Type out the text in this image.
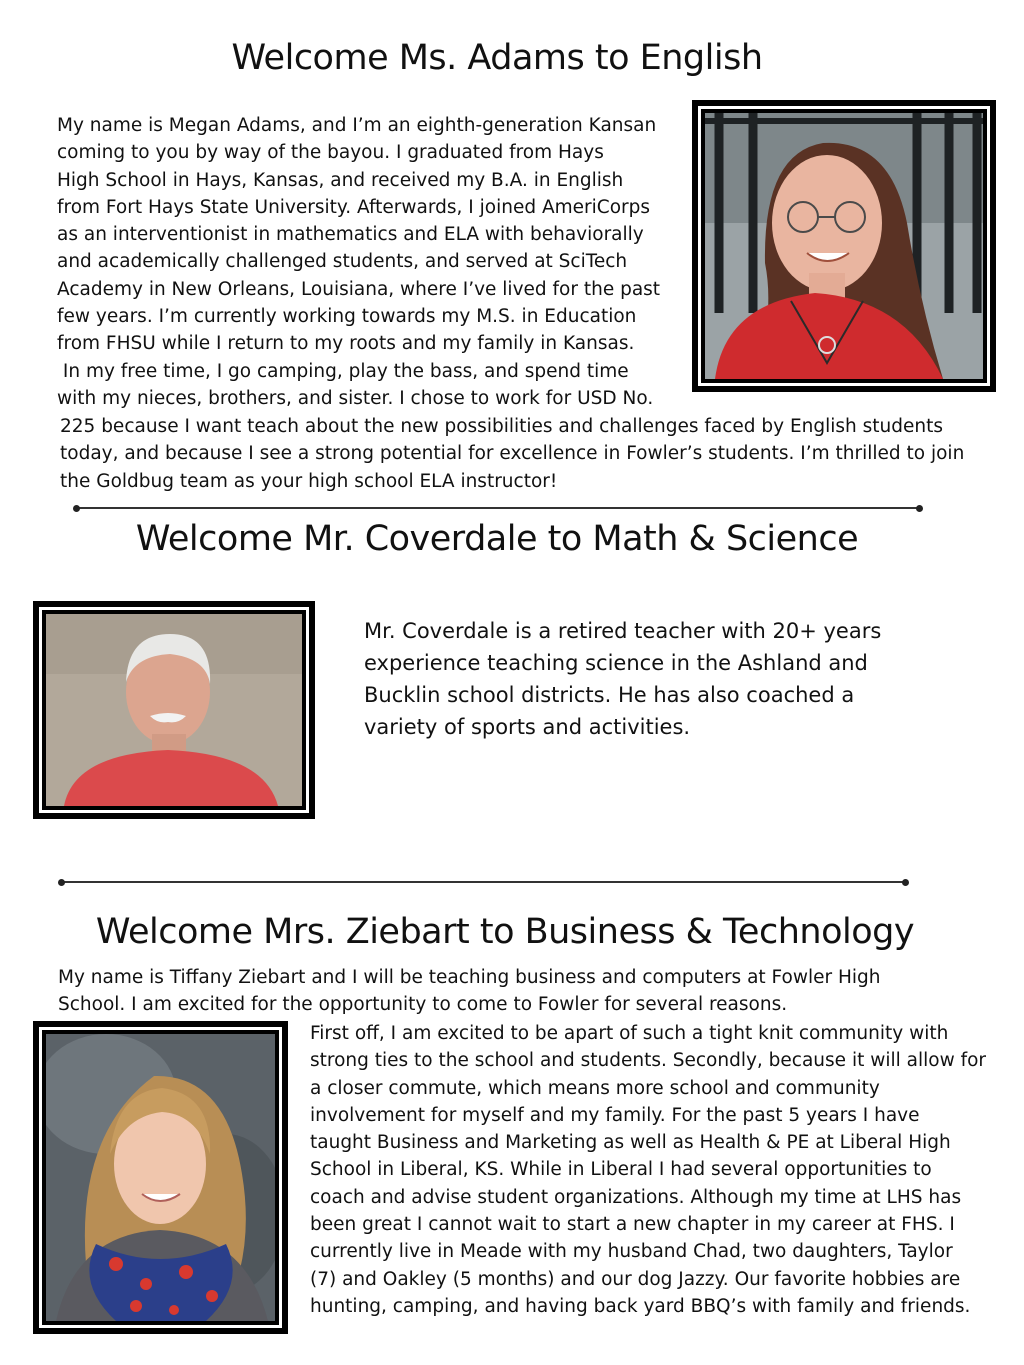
Welcome Ms. Adams to English
My name is Megan Adams, and I’m an eighth-generation Kansan
coming to you by way of the bayou. I graduated from Hays
High School in Hays, Kansas, and received my B.A. in English
from Fort Hays State University. Afterwards, I joined AmeriCorps
as an interventionist in mathematics and ELA with behaviorally
and academically challenged students, and served at SciTech
Academy in New Orleans, Louisiana, where I’ve lived for the past
few years. I’m currently working towards my M.S. in Education
from FHSU while I return to my roots and my family in Kansas.
In my free time, I go camping, play the bass, and spend time
with my nieces, brothers, and sister. I chose to work for USD No.
225 because I want teach about the new possibilities and challenges faced by English students
today, and because I see a strong potential for excellence in Fowler’s students. I’m thrilled to join
the Goldbug team as your high school ELA instructor!
Welcome Mr. Coverdale to Math & Science
Mr. Coverdale is a retired teacher with 20+ years
experience teaching science in the Ashland and
Bucklin school districts. He has also coached a
variety of sports and activities.
Welcome Mrs. Ziebart to Business & Technology
My name is Tiffany Ziebart and I will be teaching business and computers at Fowler High
School. I am excited for the opportunity to come to Fowler for several reasons.
First off, I am excited to be apart of such a tight knit community with
strong ties to the school and students. Secondly, because it will allow for
a closer commute, which means more school and community
involvement for myself and my family. For the past 5 years I have
taught Business and Marketing as well as Health & PE at Liberal High
School in Liberal, KS. While in Liberal I had several opportunities to
coach and advise student organizations. Although my time at LHS has
been great I cannot wait to start a new chapter in my career at FHS. I
currently live in Meade with my husband Chad, two daughters, Taylor
(7) and Oakley (5 months) and our dog Jazzy. Our favorite hobbies are
hunting, camping, and having back yard BBQ’s with family and friends.
